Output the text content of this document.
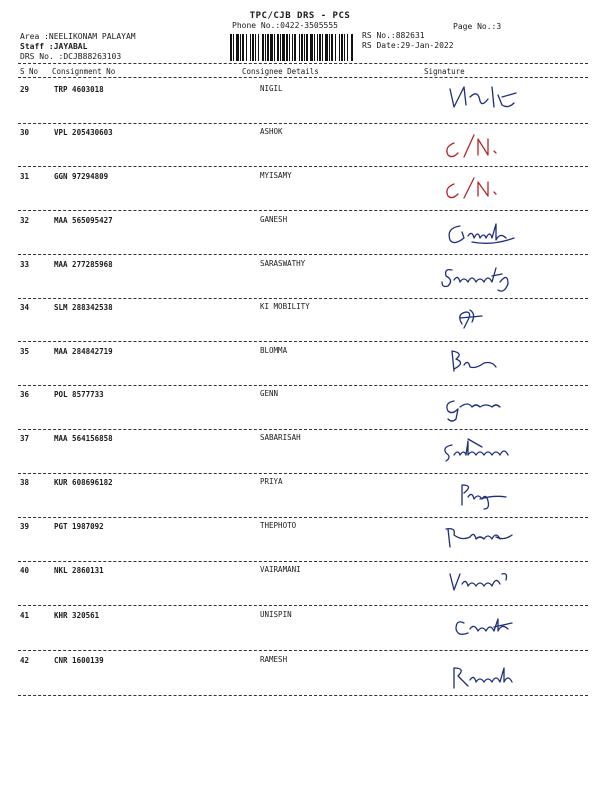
TPC/CJB DRS - PCS
Phone No.:0422-3505555
Area :NEELIKONAM PALAYAM
Staff :JAYABAL
DRS No. :DCJB88263103
RS No.:882631
RS Date:29-Jan-2022
Page No.:3
S No Consignment No	Consignee Details	Signature
29	TRP 4603018	NIGIL
30	VPL 205430603	ASHOK
31	GGN 97294809	MYISAMY
32	MAA 565095427	GANESH
33	MAA 277285968	SARASWATHY
34	SLM 288342538	KI MOBILITY
35	MAA 284842719	BLOMMA
36	POL 8577733	GENN
37	MAA 564156858	SABARISAH
38	KUR 608696182	PRIYA
39	PGT 1987092	THEPHOTO
40	NKL 2860131	VAIRAMANI
41	KHR 320561	UNISPIN
42	CNR 1600139	RAMESH
